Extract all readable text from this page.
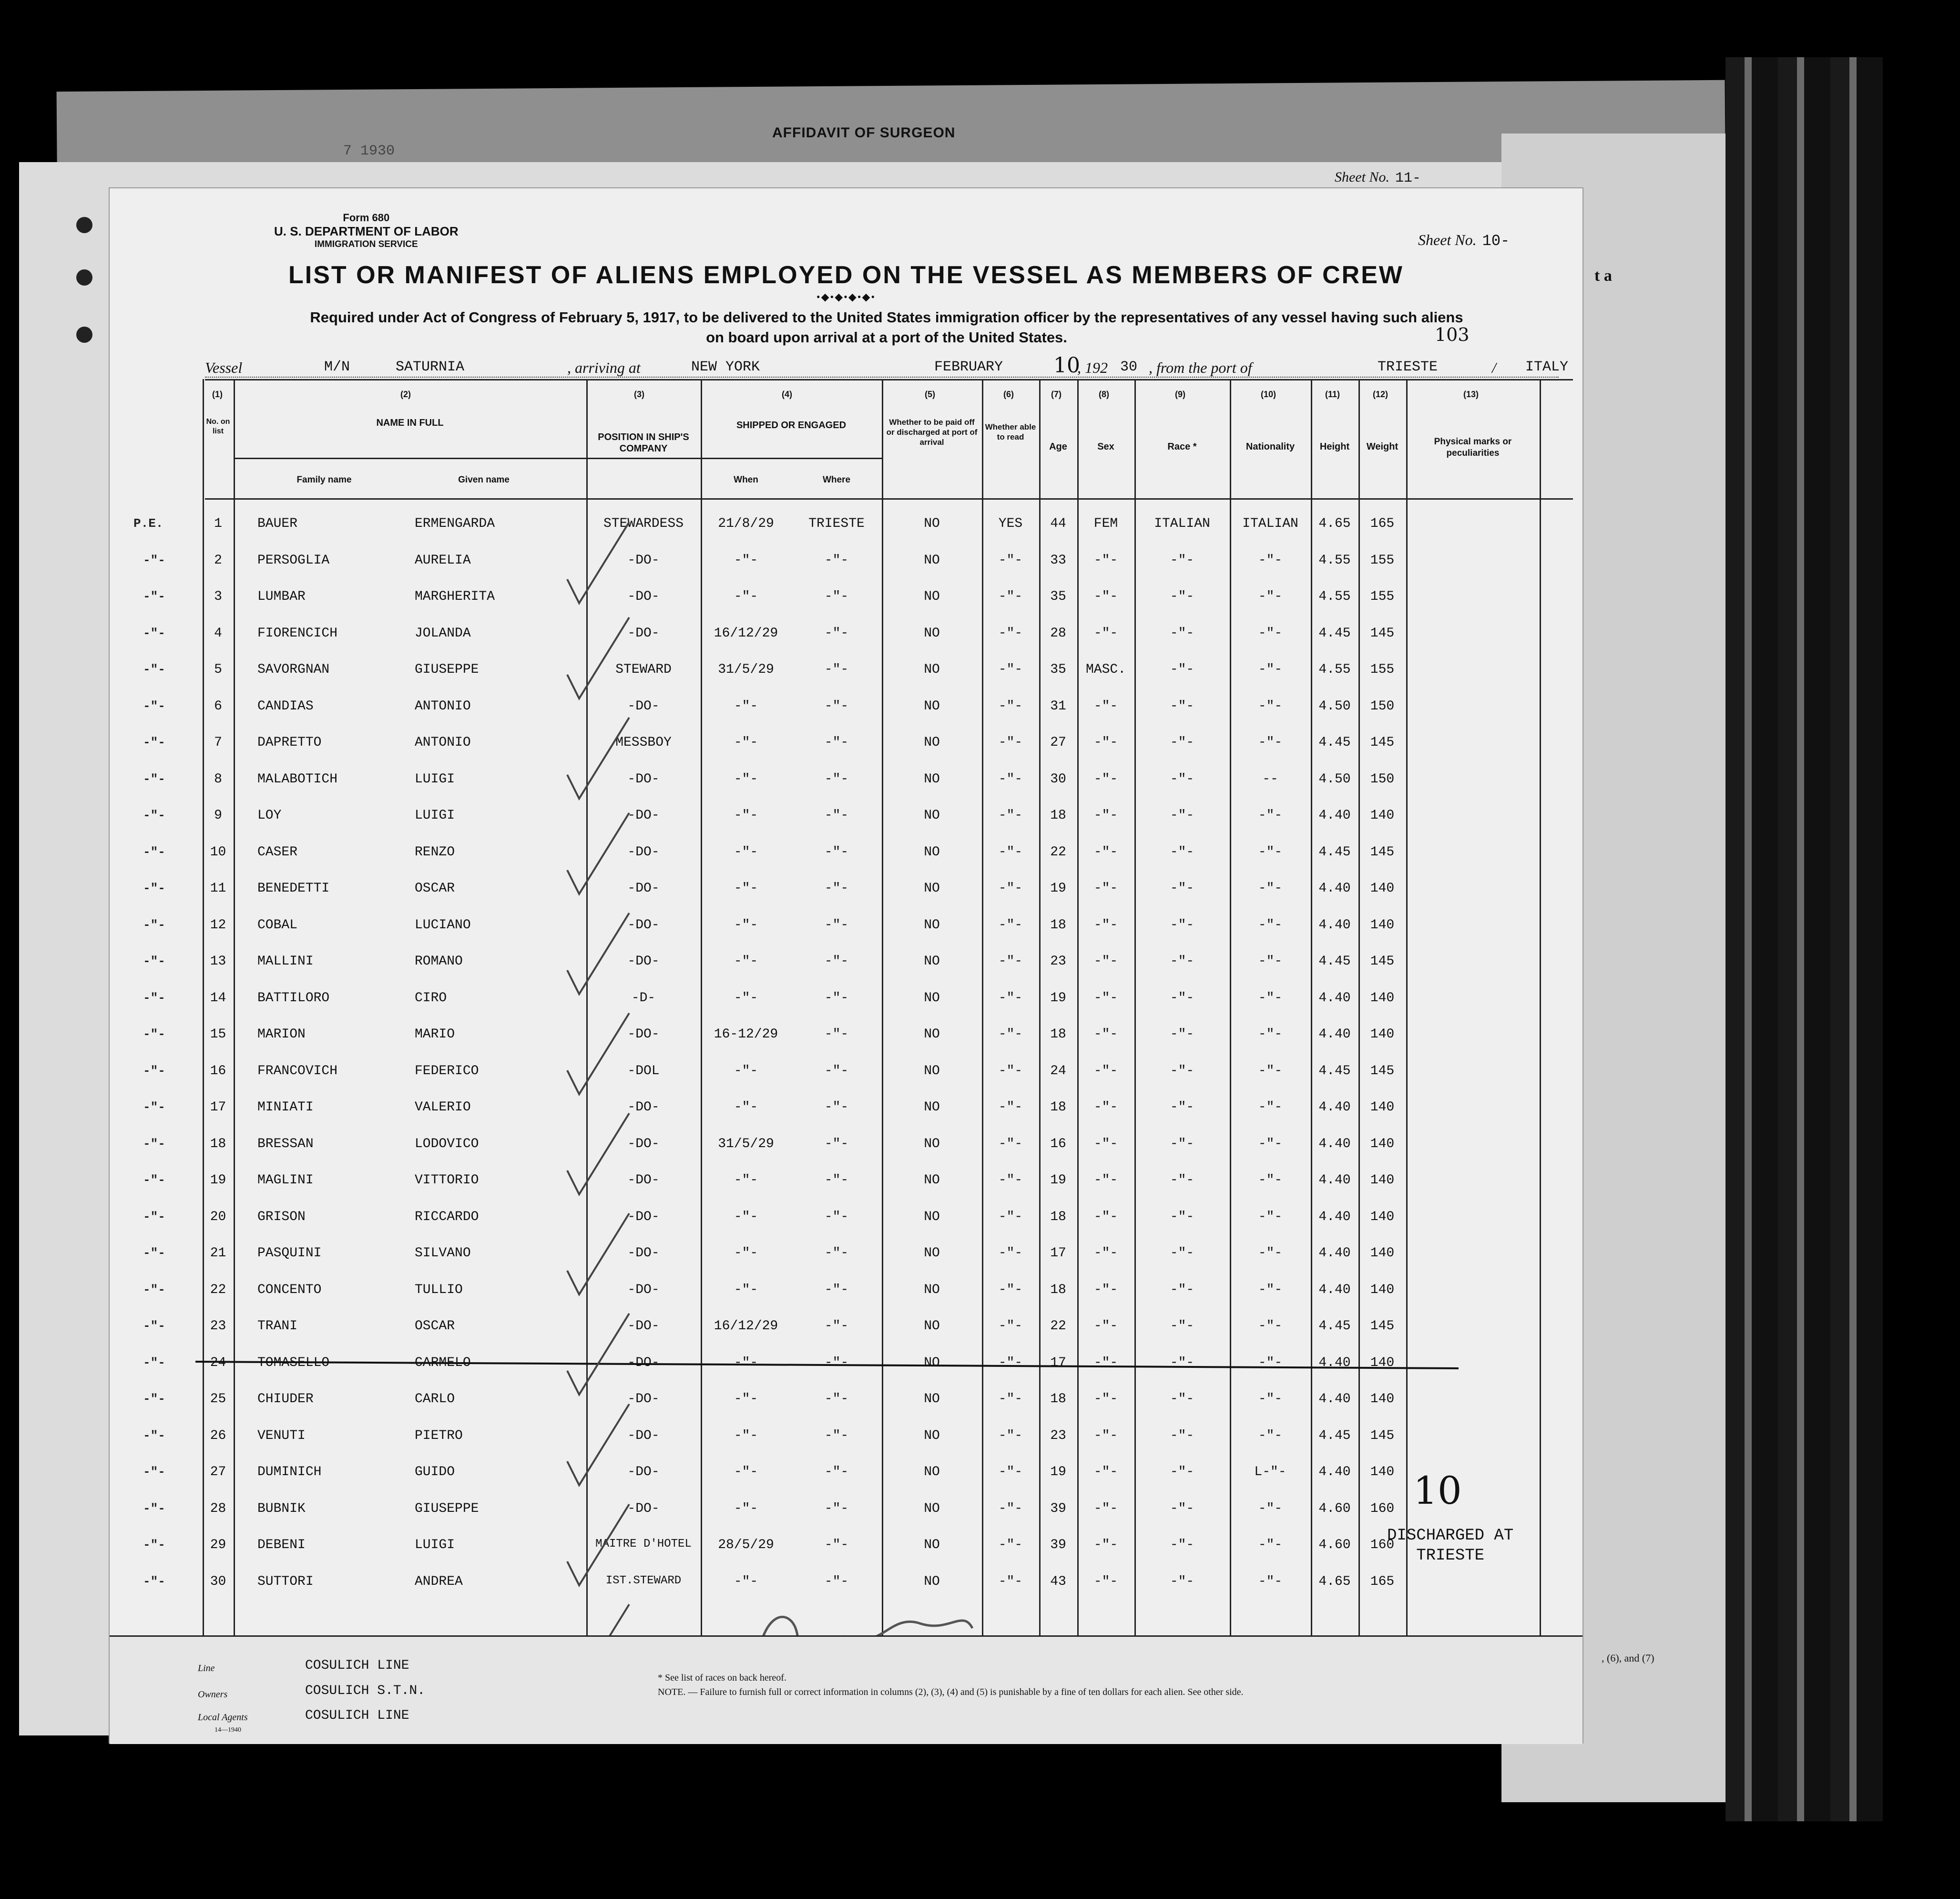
AFFIDAVIT OF SURGEON
7 1930
Sheet No. 11-
t a
, (6), and (7)
Form 680
U. S. DEPARTMENT OF LABOR
IMMIGRATION SERVICE	Sheet No. 10-
LIST OR MANIFEST OF ALIENS EMPLOYED ON THE VESSEL AS MEMBERS OF CREW
•◆•◆•◆•◆•
Required under Act of Congress of February 5, 1917, to be delivered to the United States immigration officer by the representatives of any vessel having such aliens
on board upon arrival at a port of the United States.	103
Vessel	M/N	SATURNIA	, arriving at	NEW YORK	FEBRUARY 10
, 192 30 , from the port of	TRIESTE	/ ITALY
(1)	(2)	(3)	(4)	(5)	(6)	(7)	(8)	(9)	(10)	(11)	(12)	(13)
No. on list
NAME IN FULL
Family name	Given name
POSITION IN SHIP'S COMPANY
SHIPPED OR ENGAGED
When	Where
Whether to be paid off or discharged at port of arrival
Whether able to read
Age	Sex	Race *	Nationality	Height	Weight	Physical marks or peculiarities
P.E.	1	BAUER	ERMENGARDA	STEWARDESS	21/8/29	TRIESTE	NO	YES	44	FEM	ITALIAN	ITALIAN	4.65	165
-"-	2	PERSOGLIA	AURELIA	-DO-	-"-	-"-	NO	-"-	33	-"-	-"-	-"-	4.55	155
-"-	3	LUMBAR	MARGHERITA	-DO-	-"-	-"-	NO	-"-	35	-"-	-"-	-"-	4.55	155
-"-	4	FIORENCICH	JOLANDA	-DO-	16/12/29	-"-	NO	-"-	28	-"-	-"-	-"-	4.45	145
-"-	5	SAVORGNAN	GIUSEPPE	STEWARD	31/5/29	-"-	NO	-"-	35	MASC.	-"-	-"-	4.55	155
-"-	6	CANDIAS	ANTONIO	-DO-	-"-	-"-	NO	-"-	31	-"-	-"-	-"-	4.50	150
-"-	7	DAPRETTO	ANTONIO	MESSBOY	-"-	-"-	NO	-"-	27	-"-	-"-	-"-	4.45	145
-"-	8	MALABOTICH	LUIGI	-DO-	-"-	-"-	NO	-"-	30	-"-	-"-	--	4.50	150
-"-	9	LOY	LUIGI	-DO-	-"-	-"-	NO	-"-	18	-"-	-"-	-"-	4.40	140
-"-	10	CASER	RENZO	-DO-	-"-	-"-	NO	-"-	22	-"-	-"-	-"-	4.45	145
-"-	11	BENEDETTI	OSCAR	-DO-	-"-	-"-	NO	-"-	19	-"-	-"-	-"-	4.40	140
-"-	12	COBAL	LUCIANO	-DO-	-"-	-"-	NO	-"-	18	-"-	-"-	-"-	4.40	140
-"-	13	MALLINI	ROMANO	-DO-	-"-	-"-	NO	-"-	23	-"-	-"-	-"-	4.45	145
-"-	14	BATTILORO	CIRO	-D-	-"-	-"-	NO	-"-	19	-"-	-"-	-"-	4.40	140
-"-	15	MARION	MARIO	-DO-	16-12/29	-"-	NO	-"-	18	-"-	-"-	-"-	4.40	140
-"-	16	FRANCOVICH	FEDERICO	-DOL	-"-	-"-	NO	-"-	24	-"-	-"-	-"-	4.45	145
-"-	17	MINIATI	VALERIO	-DO-	-"-	-"-	NO	-"-	18	-"-	-"-	-"-	4.40	140
-"-	18	BRESSAN	LODOVICO	-DO-	31/5/29	-"-	NO	-"-	16	-"-	-"-	-"-	4.40	140
-"-	19	MAGLINI	VITTORIO	-DO-	-"-	-"-	NO	-"-	19	-"-	-"-	-"-	4.40	140
-"-	20	GRISON	RICCARDO	-DO-	-"-	-"-	NO	-"-	18	-"-	-"-	-"-	4.40	140
-"-	21	PASQUINI	SILVANO	-DO-	-"-	-"-	NO	-"-	17	-"-	-"-	-"-	4.40	140
-"-	22	CONCENTO	TULLIO	-DO-	-"-	-"-	NO	-"-	18	-"-	-"-	-"-	4.40	140
-"-	23	TRANI	OSCAR	-DO-	16/12/29	-"-	NO	-"-	22	-"-	-"-	-"-	4.45	145
-"-	24	TOMASELLO	CARMELO	-DO-	-"-	-"-	NO	-"-	17	-"-	-"-	-"-	4.40	140
-"-	25	CHIUDER	CARLO	-DO-	-"-	-"-	NO	-"-	18	-"-	-"-	-"-	4.40	140
-"-	26	VENUTI	PIETRO	-DO-	-"-	-"-	NO	-"-	23	-"-	-"-	-"-	4.45	145
-"-	27	DUMINICH	GUIDO	-DO-	-"-	-"-	NO	-"-	19	-"-	-"-	L-"-	4.40	140
-"-	28	BUBNIK	GIUSEPPE	-DO-	-"-	-"-	NO	-"-	39	-"-	-"-	-"-	4.60	160
-"-	29	DEBENI	LUIGI	MAITRE D'HOTEL	28/5/29	-"-	NO	-"-	39	-"-	-"-	-"-	4.60	160
-"-	30	SUTTORI	ANDREA	IST.STEWARD	-"-	-"-	NO	-"-	43	-"-	-"-	-"-	4.65	165
DISCHARGED AT
TRIESTE
Line	COSULICH LINE
Owners	COSULICH S.T.N.
Local Agents	COSULICH LINE
14—1940
* See list of races on back hereof.
NOTE. — Failure to furnish full or correct information in columns (2), (3), (4) and (5) is punishable by a fine of ten dollars for each alien. See other side.
10
